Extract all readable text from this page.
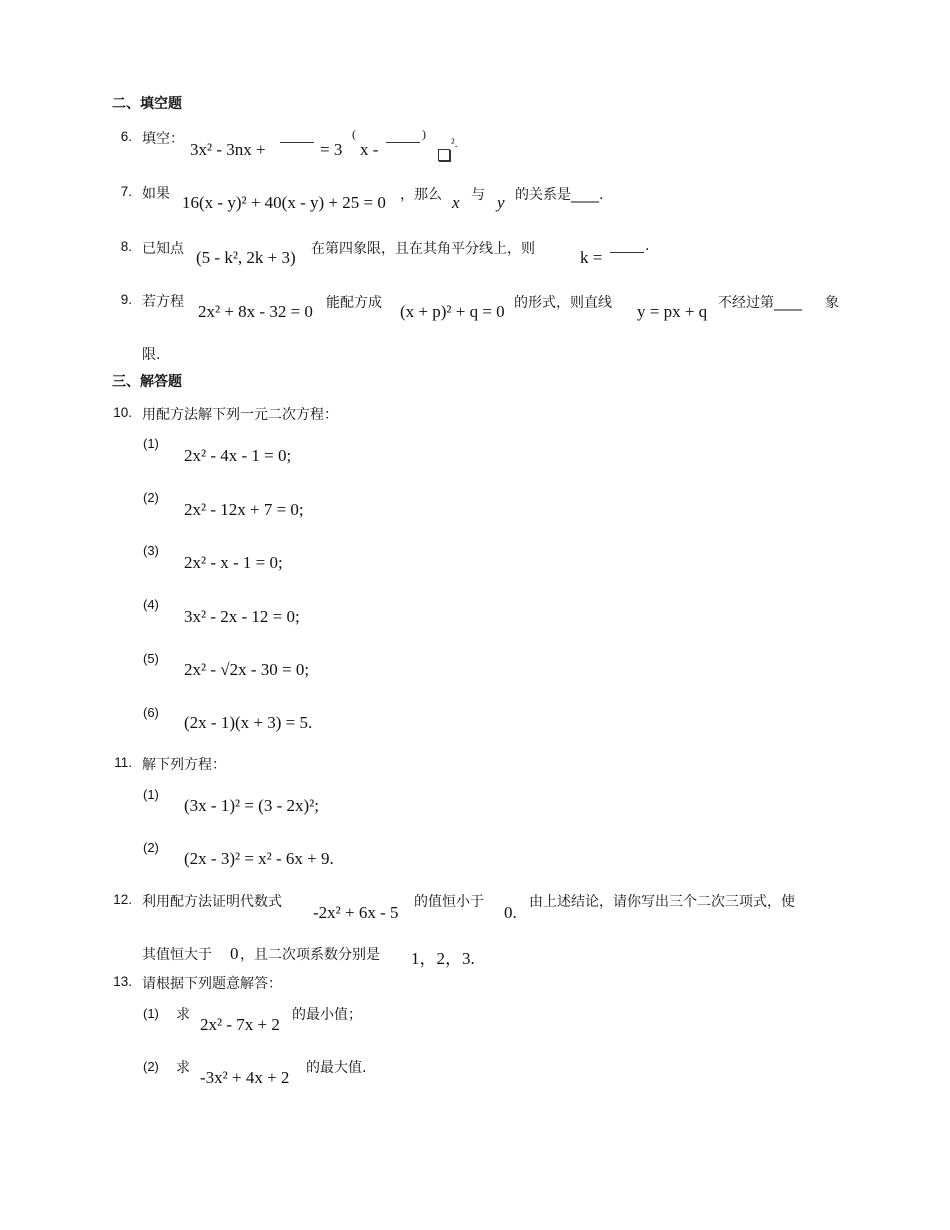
二、填空题
6. 填空：
3x² - 3nx +	= 3
(
x -
)
².
7. 如果 16(x - y)² + 40(x - y) + 25 = 0 ，那么 x 与 y 的关系是____.
8. 已知点 (5 - k², 2k + 3) 在第四象限，且在其角平分线上，则	k =
.
9. 若方程 2x² + 8x - 32 = 0 能配方成 (x + p)² + q = 0 的形式，则直线 y = px + q 不经过第____ 象
限.
三、解答题
10. 用配方法解下列一元二次方程：
(1)
2x² - 4x - 1 = 0;
(2)
2x² - 12x + 7 = 0;
(3)
2x² - x - 1 = 0;
(4)
3x² - 2x - 12 = 0;
(5)
2x² - √2x - 30 = 0;
(6)
(2x - 1)(x + 3) = 5.
11. 解下列方程：
(1)
(3x - 1)² = (3 - 2x)²;
(2)
(2x - 3)² = x² - 6x + 9.
12. 利用配方法证明代数式
-2x² + 6x - 5
的值恒小于
0.
由上述结论，请你写出三个二次三项式，使
其值恒大于 0 ，且二次项系数分别是 1，2，3.
13. 请根据下列题意解答：
(1) 求 2x² - 7x + 2 的最小值；
(2) 求 -3x² + 4x + 2 的最大值.
